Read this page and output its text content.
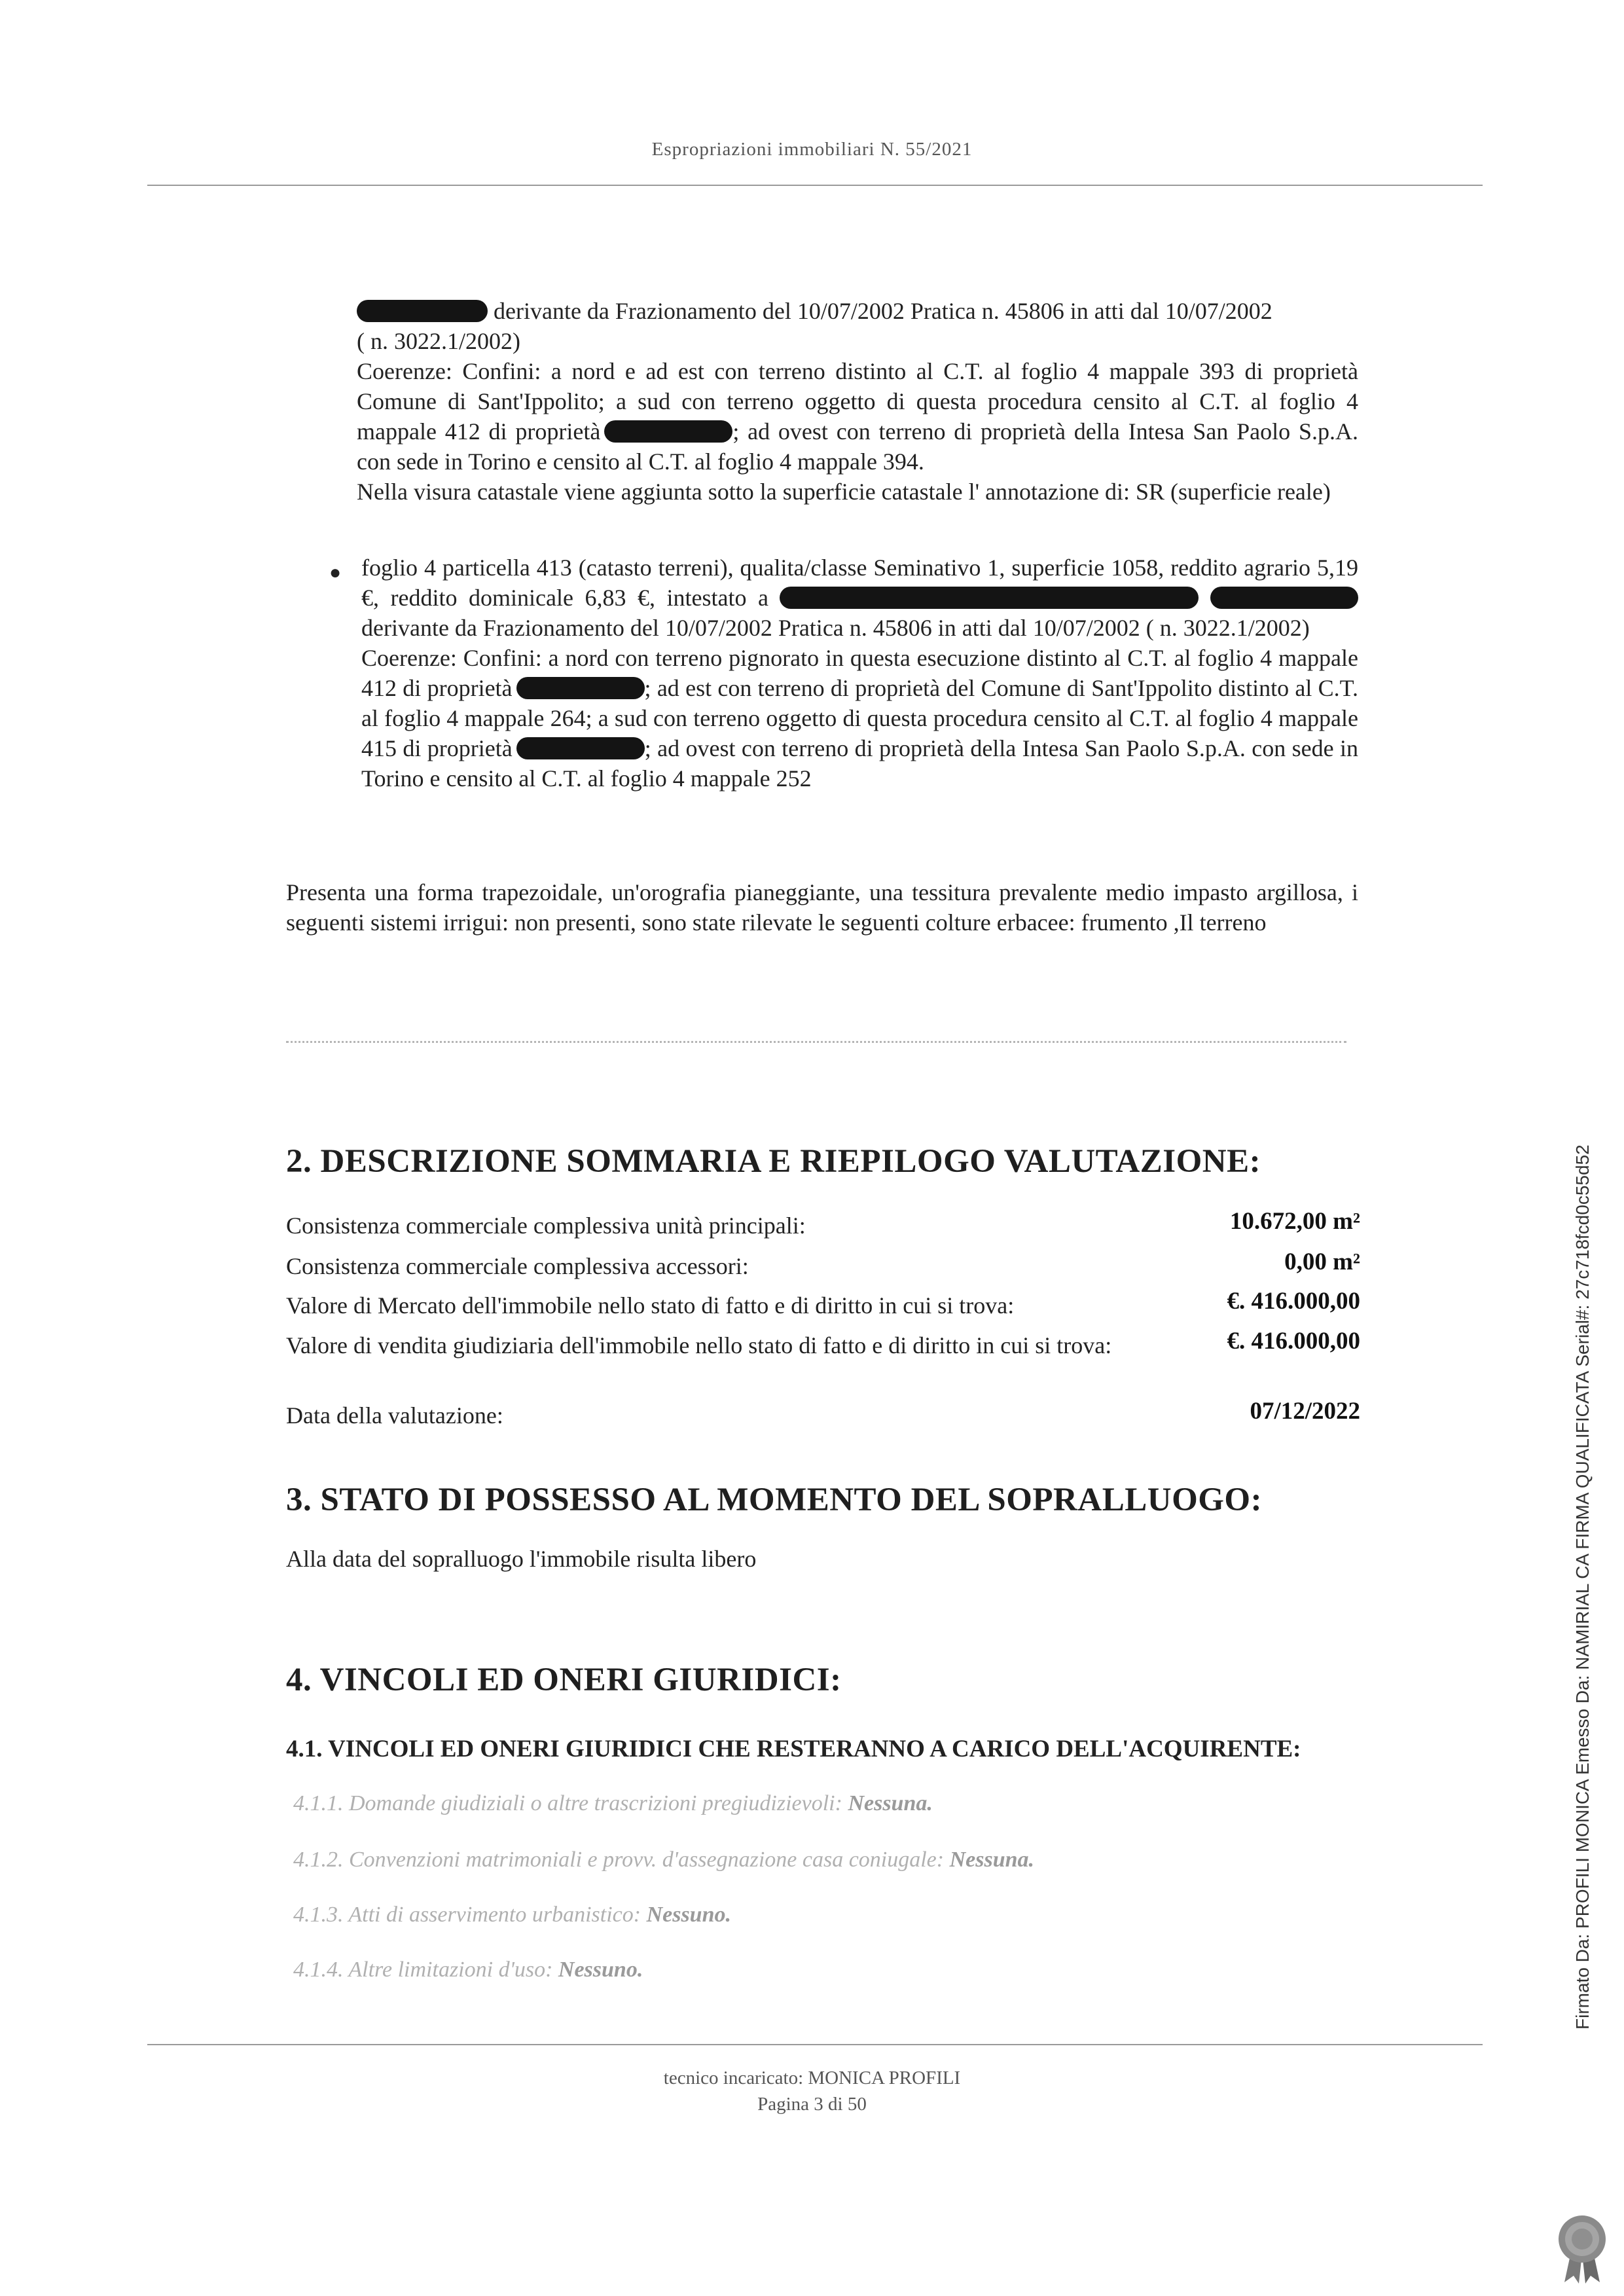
Espropriazioni immobiliari N. 55/2021
derivante da Frazionamento del 10/07/2002 Pratica n. 45806 in atti dal 10/07/2002
( n. 3022.1/2002)
Coerenze: Confini: a nord e ad est con terreno distinto al C.T. al foglio 4 mappale 393 di proprietà Comune di Sant'Ippolito; a sud con terreno oggetto di questa procedura censito al C.T. al foglio 4 mappale 412 di proprietà	; ad ovest con terreno di proprietà della Intesa San Paolo S.p.A. con sede in Torino e censito al C.T. al foglio 4 mappale 394.
Nella visura catastale viene aggiunta sotto la superficie catastale l' annotazione di: SR (superficie reale)
● foglio 4 particella 413 (catasto terreni), qualita/classe Seminativo 1, superficie 1058, reddito agrario 5,19 €, reddito dominicale 6,83 €, intestato a   derivante da Frazionamento del 10/07/2002 Pratica n. 45806 in atti dal 10/07/2002 ( n. 3022.1/2002)
Coerenze: Confini: a nord con terreno pignorato in questa esecuzione distinto al C.T. al foglio 4 mappale 412 di proprietà	; ad est con terreno di proprietà del Comune di Sant'Ippolito distinto al C.T. al foglio 4 mappale 264; a sud con terreno oggetto di questa procedura censito al C.T. al foglio 4 mappale 415 di proprietà	; ad ovest con terreno di proprietà della Intesa San Paolo S.p.A. con sede in Torino e censito al C.T. al foglio 4 mappale 252
Presenta una forma trapezoidale, un'orografia pianeggiante, una tessitura prevalente medio impasto argillosa, i seguenti sistemi irrigui: non presenti, sono state rilevate le seguenti colture erbacee: frumento ,Il terreno
2. DESCRIZIONE SOMMARIA E RIEPILOGO VALUTAZIONE:
Consistenza commerciale complessiva unità principali:	10.672,00 m²
Consistenza commerciale complessiva accessori:	0,00 m²
Valore di Mercato dell'immobile nello stato di fatto e di diritto in cui si trova:	€. 416.000,00
Valore di vendita giudiziaria dell'immobile nello stato di fatto e di diritto in cui si trova:	€. 416.000,00
Data della valutazione:	07/12/2022
3. STATO DI POSSESSO AL MOMENTO DEL SOPRALLUOGO:
Alla data del sopralluogo l'immobile risulta libero
4. VINCOLI ED ONERI GIURIDICI:
4.1. VINCOLI ED ONERI GIURIDICI CHE RESTERANNO A CARICO DELL'ACQUIRENTE:
4.1.1. Domande giudiziali o altre trascrizioni pregiudizievoli: Nessuna.
4.1.2. Convenzioni matrimoniali e provv. d'assegnazione casa coniugale: Nessuna.
4.1.3. Atti di asservimento urbanistico: Nessuno.
4.1.4. Altre limitazioni d'uso: Nessuno.
tecnico incaricato: MONICA PROFILI
Pagina 3 di 50
Firmato Da: PROFILI MONICA Emesso Da: NAMIRIAL CA FIRMA QUALIFICATA Serial#: 27c718fcd0c55d52
